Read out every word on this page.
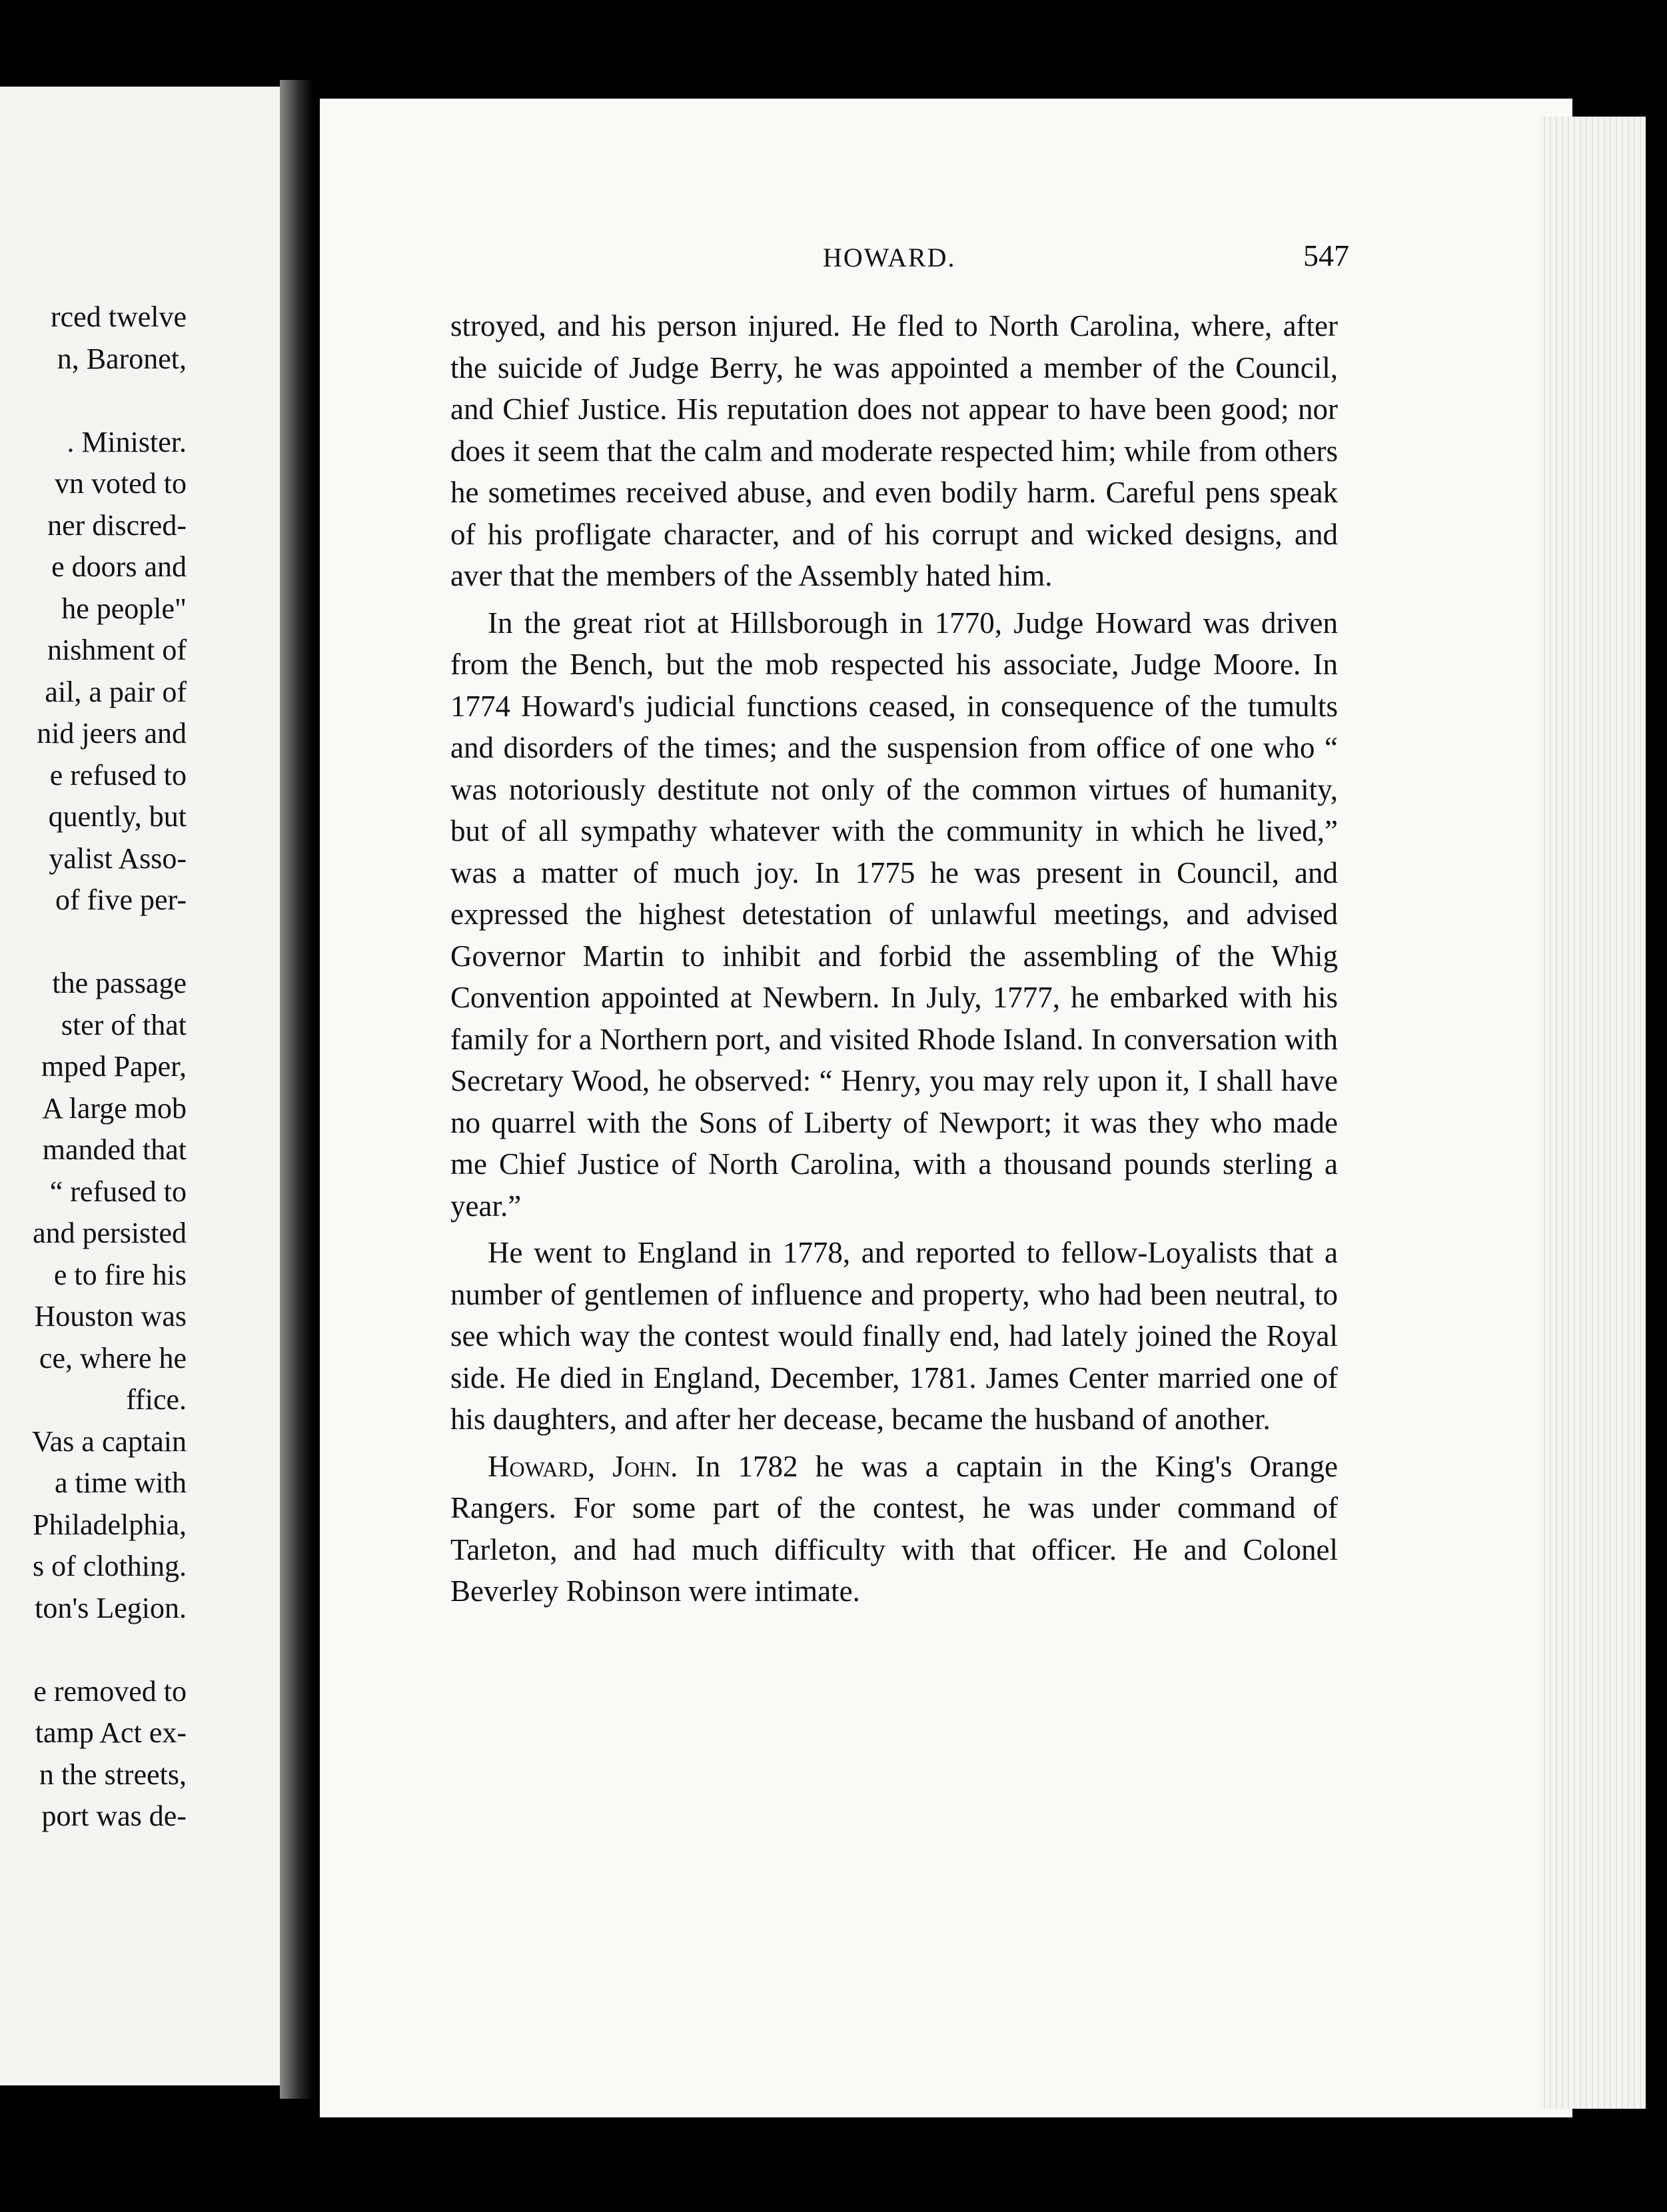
rced twelve
n, Baronet,
. Minister.
vn voted to
ner discred-
e doors and
he people"
nishment of
ail, a pair of
nid jeers and
e refused to
quently, but
yalist Asso-
of five per-
the passage
ster of that
mped Paper,
A large mob
manded that
“ refused to
and persisted
e to fire his
Houston was
ce, where he
ffice.
Vas a captain
a time with
Philadelphia,
s of clothing.
ton's Legion.
e removed to
tamp Act ex-
n the streets,
port was de-
HOWARD.	547

stroyed, and his person injured. He fled to North Carolina, where, after the suicide of Judge Berry, he was appointed a member of the Council, and Chief Justice. His reputation does not appear to have been good; nor does it seem that the calm and moderate respected him; while from others he sometimes received abuse, and even bodily harm. Careful pens speak of his profligate character, and of his corrupt and wicked designs, and aver that the members of the Assembly hated him.

In the great riot at Hillsborough in 1770, Judge Howard was driven from the Bench, but the mob respected his associate, Judge Moore. In 1774 Howard's judicial functions ceased, in consequence of the tumults and disorders of the times; and the suspension from office of one who “ was notoriously destitute not only of the common virtues of humanity, but of all sympathy whatever with the community in which he lived,” was a matter of much joy. In 1775 he was present in Council, and expressed the highest detestation of unlawful meetings, and advised Governor Martin to inhibit and forbid the assembling of the Whig Convention appointed at Newbern. In July, 1777, he embarked with his family for a Northern port, and visited Rhode Island. In conversation with Secretary Wood, he observed: “ Henry, you may rely upon it, I shall have no quarrel with the Sons of Liberty of Newport; it was they who made me Chief Justice of North Carolina, with a thousand pounds sterling a year.”

He went to England in 1778, and reported to fellow-Loyalists that a number of gentlemen of influence and property, who had been neutral, to see which way the contest would finally end, had lately joined the Royal side. He died in England, December, 1781. James Center married one of his daughters, and after her decease, became the husband of another.

Howard, John. In 1782 he was a captain in the King's Orange Rangers. For some part of the contest, he was under command of Tarleton, and had much difficulty with that officer. He and Colonel Beverley Robinson were intimate.
